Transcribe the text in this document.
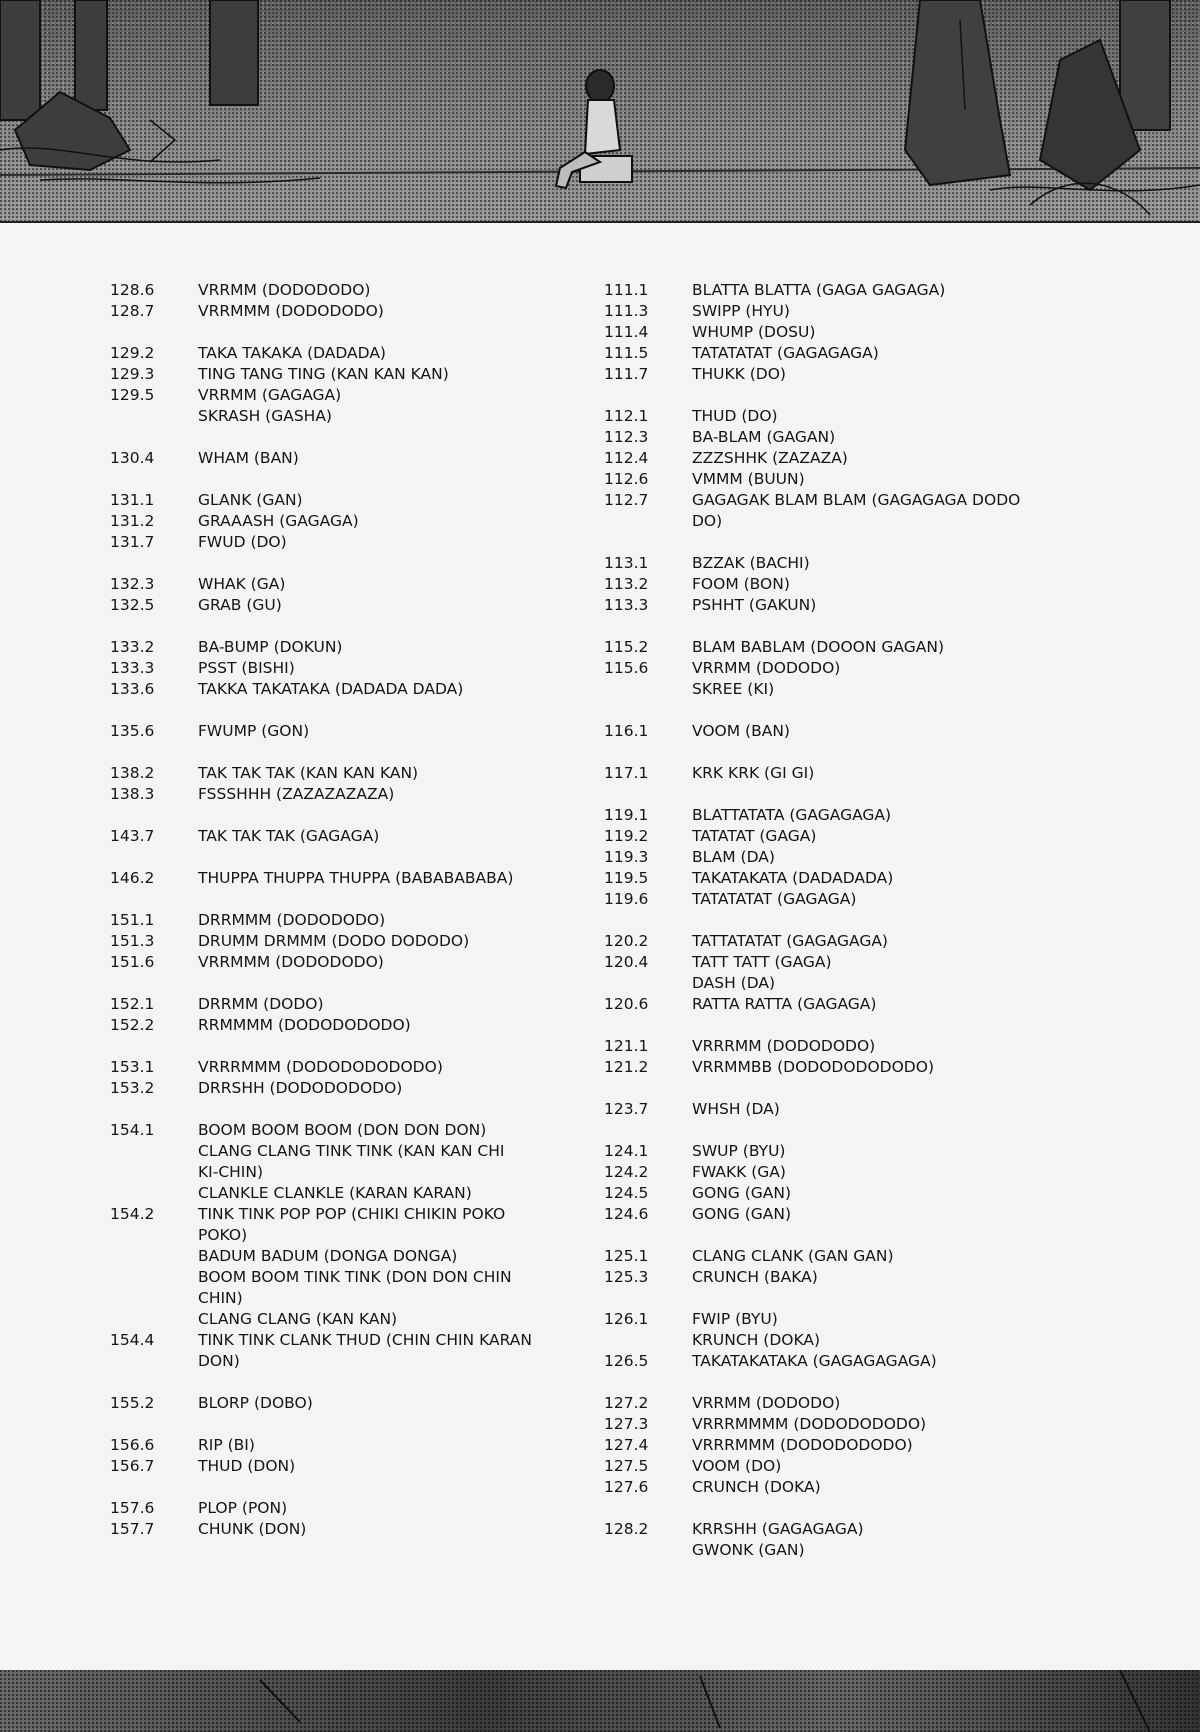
128.6	VRRMM (DODODODO)
128.7	VRRMMM (DODODODO)
129.2	TAKA TAKAKA (DADADA)
129.3	TING TANG TING (KAN KAN KAN)
129.5	VRRMM (GAGAGA)
SKRASH (GASHA)
130.4	WHAM (BAN)
131.1	GLANK (GAN)
131.2	GRAAASH (GAGAGA)
131.7	FWUD (DO)
132.3	WHAK (GA)
132.5	GRAB (GU)
133.2	BA-BUMP (DOKUN)
133.3	PSST (BISHI)
133.6	TAKKA TAKATAKA (DADADA DADA)
135.6	FWUMP (GON)
138.2	TAK TAK TAK (KAN KAN KAN)
138.3	FSSSHHH (ZAZAZAZAZA)
143.7	TAK TAK TAK (GAGAGA)
146.2	THUPPA THUPPA THUPPA (BABABABABA)
151.1	DRRMMM (DODODODO)
151.3	DRUMM DRMMM (DODO DODODO)
151.6	VRRMMM (DODODODO)
152.1	DRRMM (DODO)
152.2	RRMMMM (DODODODODO)
153.1	VRRRMMM (DODODODODODO)
153.2	DRRSHH (DODODODODO)
154.1	BOOM BOOM BOOM (DON DON DON)
CLANG CLANG TINK TINK (KAN KAN CHI
KI-CHIN)
CLANKLE CLANKLE (KARAN KARAN)
154.2	TINK TINK POP POP (CHIKI CHIKIN POKO
POKO)
BADUM BADUM (DONGA DONGA)
BOOM BOOM TINK TINK (DON DON CHIN
CHIN)
CLANG CLANG (KAN KAN)
154.4	TINK TINK CLANK THUD (CHIN CHIN KARAN
DON)
155.2	BLORP (DOBO)
156.6	RIP (BI)
156.7	THUD (DON)
157.6	PLOP (PON)
157.7	CHUNK (DON)
111.1	BLATTA BLATTA (GAGA GAGAGA)
111.3	SWIPP (HYU)
111.4	WHUMP (DOSU)
111.5	TATATATAT (GAGAGAGA)
111.7	THUKK (DO)
112.1	THUD (DO)
112.3	BA-BLAM (GAGAN)
112.4	ZZZSHHK (ZAZAZA)
112.6	VMMM (BUUN)
112.7	GAGAGAK BLAM BLAM (GAGAGAGA DODO
DO)
113.1	BZZAK (BACHI)
113.2	FOOM (BON)
113.3	PSHHT (GAKUN)
115.2	BLAM BABLAM (DOOON GAGAN)
115.6	VRRMM (DODODO)
SKREE (KI)
116.1	VOOM (BAN)
117.1	KRK KRK (GI GI)
119.1	BLATTATATA (GAGAGAGA)
119.2	TATATAT (GAGA)
119.3	BLAM (DA)
119.5	TAKATAKATA (DADADADA)
119.6	TATATATAT (GAGAGA)
120.2	TATTATATAT (GAGAGAGA)
120.4	TATT TATT (GAGA)
DASH (DA)
120.6	RATTA RATTA (GAGAGA)
121.1	VRRRMM (DODODODO)
121.2	VRRMMBB (DODODODODODO)
123.7	WHSH (DA)
124.1	SWUP (BYU)
124.2	FWAKK (GA)
124.5	GONG (GAN)
124.6	GONG (GAN)
125.1	CLANG CLANK (GAN GAN)
125.3	CRUNCH (BAKA)
126.1	FWIP (BYU)
KRUNCH (DOKA)
126.5	TAKATAKATAKA (GAGAGAGAGA)
127.2	VRRMM (DODODO)
127.3	VRRRMMMM (DODODODODO)
127.4	VRRRMMM (DODODODODO)
127.5	VOOM (DO)
127.6	CRUNCH (DOKA)
128.2	KRRSHH (GAGAGAGA)
GWONK (GAN)
